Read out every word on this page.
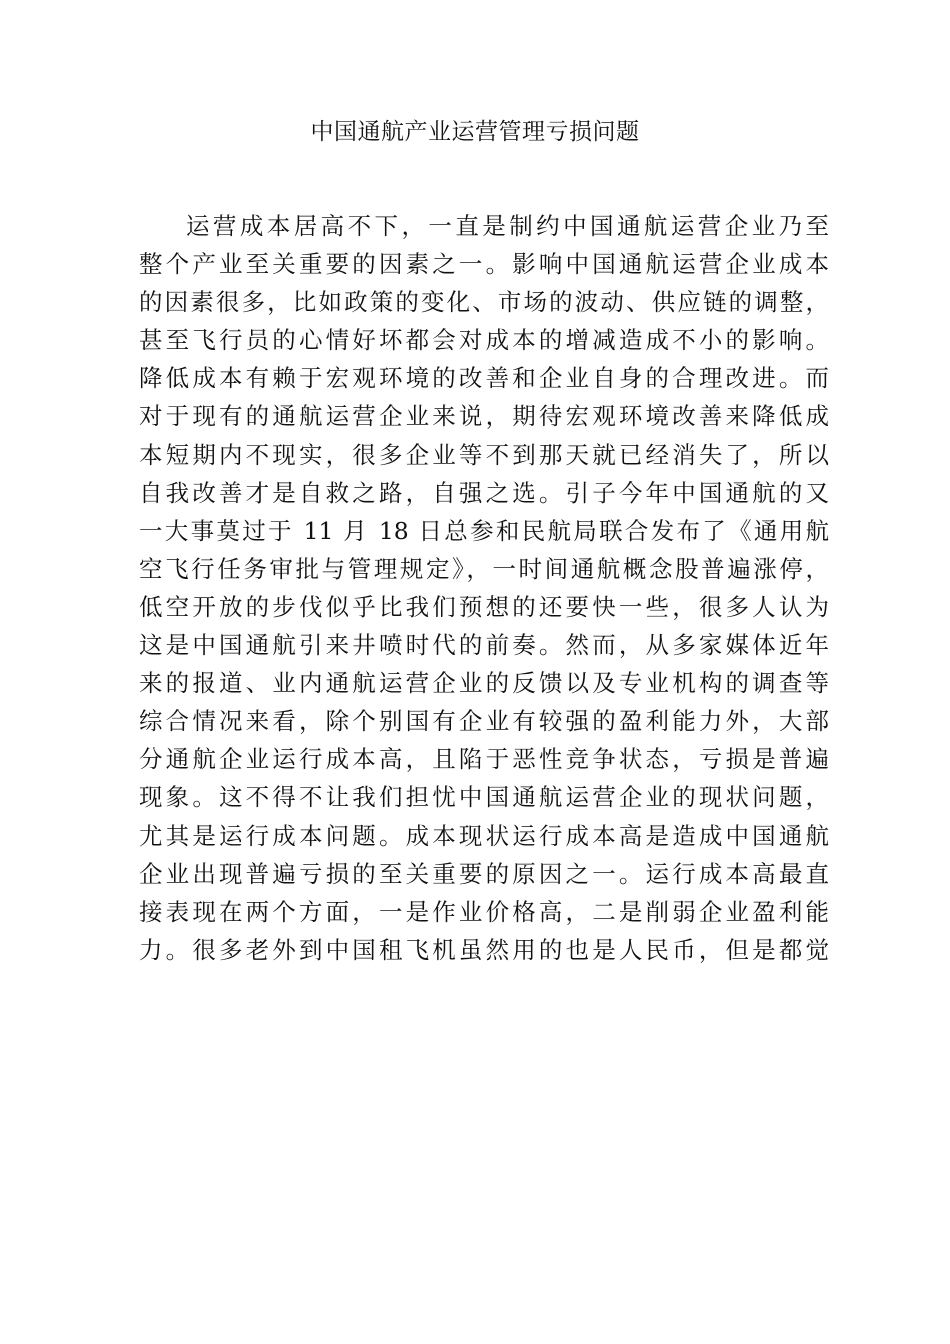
中国通航产业运营管理亏损问题
运营成本居高不下，一直是制约中国通航运营企业乃至
整个产业至关重要的因素之一。影响中国通航运营企业成本
的因素很多，比如政策的变化、市场的波动、供应链的调整，
甚至飞行员的心情好坏都会对成本的增减造成不小的影响。
降低成本有赖于宏观环境的改善和企业自身的合理改进。而
对于现有的通航运营企业来说，期待宏观环境改善来降低成
本短期内不现实，很多企业等不到那天就已经消失了，所以
自我改善才是自救之路，自强之选。引子今年中国通航的又
一大事莫过于 11 月 18 日总参和民航局联合发布了《通用航
空飞行任务审批与管理规定》，一时间通航概念股普遍涨停，
低空开放的步伐似乎比我们预想的还要快一些，很多人认为
这是中国通航引来井喷时代的前奏。然而，从多家媒体近年
来的报道、业内通航运营企业的反馈以及专业机构的调查等
综合情况来看，除个别国有企业有较强的盈利能力外，大部
分通航企业运行成本高，且陷于恶性竞争状态，亏损是普遍
现象。这不得不让我们担忧中国通航运营企业的现状问题，
尤其是运行成本问题。成本现状运行成本高是造成中国通航
企业出现普遍亏损的至关重要的原因之一。运行成本高最直
接表现在两个方面，一是作业价格高，二是削弱企业盈利能
力。很多老外到中国租飞机虽然用的也是人民币，但是都觉
